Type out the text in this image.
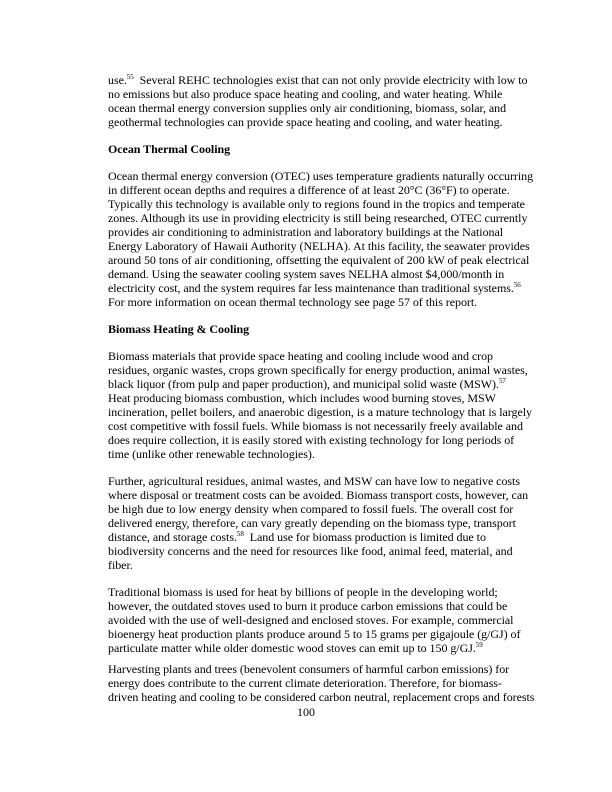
use.$^{55}$  Several REHC technologies exist that can not only provide electricity with low to
no emissions but also produce space heating and cooling, and water heating. While
ocean thermal energy conversion supplies only air conditioning, biomass, solar, and
geothermal technologies can provide space heating and cooling, and water heating.
Ocean Thermal Cooling
Ocean thermal energy conversion (OTEC) uses temperature gradients naturally occurring
in different ocean depths and requires a difference of at least 20°C (36°F) to operate.
Typically this technology is available only to regions found in the tropics and temperate
zones. Although its use in providing electricity is still being researched, OTEC currently
provides air conditioning to administration and laboratory buildings at the National
Energy Laboratory of Hawaii Authority (NELHA). At this facility, the seawater provides
around 50 tons of air conditioning, offsetting the equivalent of 200 kW of peak electrical
demand. Using the seawater cooling system saves NELHA almost $4,000/month in
electricity cost, and the system requires far less maintenance than traditional systems.$^{56}$
For more information on ocean thermal technology see page 57 of this report.
Biomass Heating & Cooling
Biomass materials that provide space heating and cooling include wood and crop
residues, organic wastes, crops grown specifically for energy production, animal wastes,
black liquor (from pulp and paper production), and municipal solid waste (MSW).$^{57}$
Heat producing biomass combustion, which includes wood burning stoves, MSW
incineration, pellet boilers, and anaerobic digestion, is a mature technology that is largely
cost competitive with fossil fuels. While biomass is not necessarily freely available and
does require collection, it is easily stored with existing technology for long periods of
time (unlike other renewable technologies).
Further, agricultural residues, animal wastes, and MSW can have low to negative costs
where disposal or treatment costs can be avoided. Biomass transport costs, however, can
be high due to low energy density when compared to fossil fuels. The overall cost for
delivered energy, therefore, can vary greatly depending on the biomass type, transport
distance, and storage costs.$^{58}$  Land use for biomass production is limited due to
biodiversity concerns and the need for resources like food, animal feed, material, and
fiber.
Traditional biomass is used for heat by billions of people in the developing world;
however, the outdated stoves used to burn it produce carbon emissions that could be
avoided with the use of well-designed and enclosed stoves. For example, commercial
bioenergy heat production plants produce around 5 to 15 grams per gigajoule (g/GJ) of
particulate matter while older domestic wood stoves can emit up to 150 g/GJ.$^{59}$
Harvesting plants and trees (benevolent consumers of harmful carbon emissions) for
energy does contribute to the current climate deterioration. Therefore, for biomass-
driven heating and cooling to be considered carbon neutral, replacement crops and forests
100
